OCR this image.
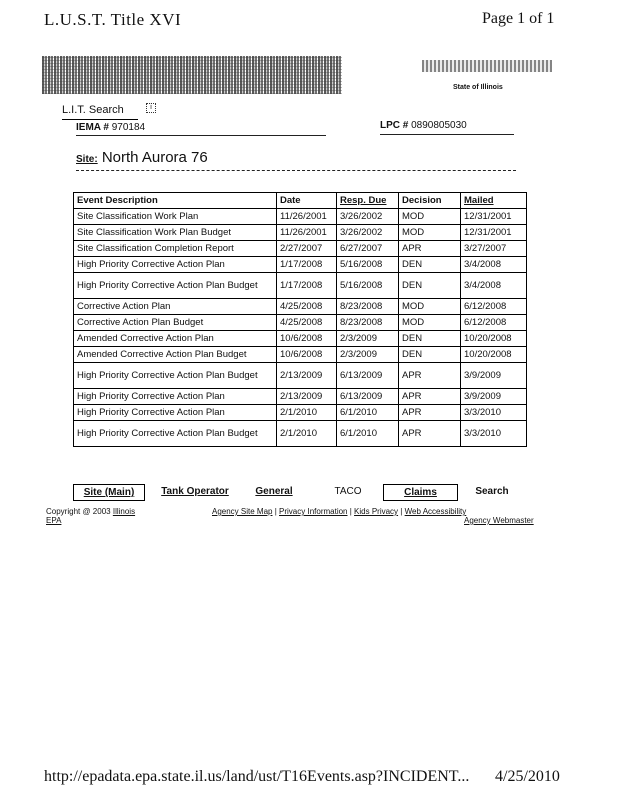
L.U.S.T. Title XVI	Page 1 of 1
State of Illinois
L.I.T. Search	i
IEMA # 970184	LPC # 0890805030
Site: North Aurora 76
Event Description	Date	Resp. Due	Decision	Mailed
Site Classification Work Plan	11/26/2001	3/26/2002	MOD	12/31/2001
Site Classification Work Plan Budget	11/26/2001	3/26/2002	MOD	12/31/2001
Site Classification Completion Report	2/27/2007	6/27/2007	APR	3/27/2007
High Priority Corrective Action Plan	1/17/2008	5/16/2008	DEN	3/4/2008
High Priority Corrective Action Plan Budget	1/17/2008	5/16/2008	DEN	3/4/2008
Corrective Action Plan	4/25/2008	8/23/2008	MOD	6/12/2008
Corrective Action Plan Budget	4/25/2008	8/23/2008	MOD	6/12/2008
Amended Corrective Action Plan	10/6/2008	2/3/2009	DEN	10/20/2008
Amended Corrective Action Plan Budget	10/6/2008	2/3/2009	DEN	10/20/2008
High Priority Corrective Action Plan Budget	2/13/2009	6/13/2009	APR	3/9/2009
High Priority Corrective Action Plan	2/13/2009	6/13/2009	APR	3/9/2009
High Priority Corrective Action Plan	2/1/2010	6/1/2010	APR	3/3/2010
High Priority Corrective Action Plan Budget	2/1/2010	6/1/2010	APR	3/3/2010
Site (Main)	Tank Operator	General	TACO	Claims	Search
Copyright @ 2003 Illinois
EPA
Agency Site Map | Privacy Information | Kids Privacy | Web Accessibility
Agency Webmaster
http://epadata.epa.state.il.us/land/ust/T16Events.asp?INCIDENT... 4/25/2010
